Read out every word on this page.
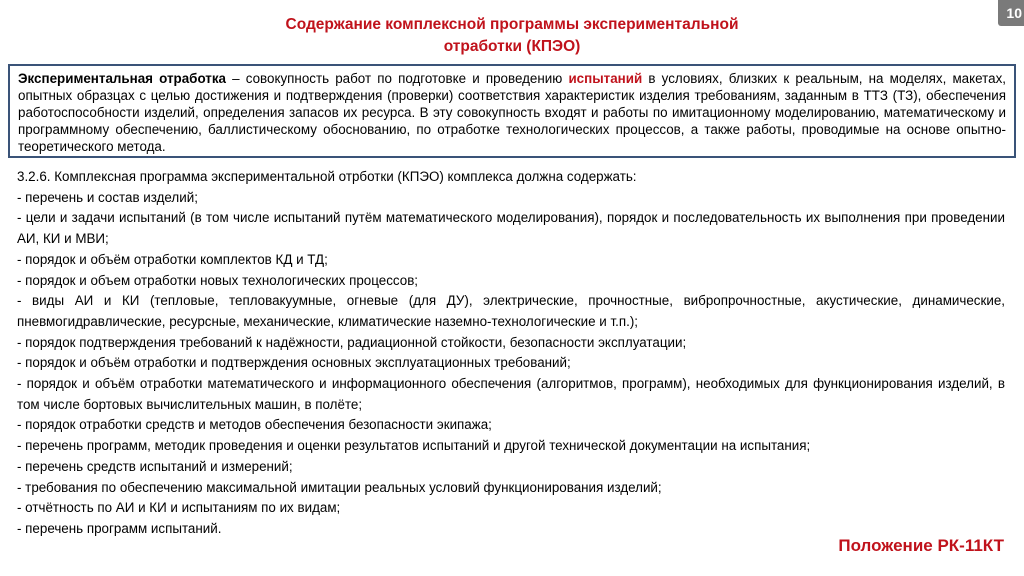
Содержание комплексной программы экспериментальной
отработки (КПЭО)
10
Экспериментальная отработка – совокупность работ по подготовке и проведению испытаний в условиях, близких к реальным, на моделях, макетах, опытных образцах с целью достижения и подтверждения (проверки) соответствия характеристик изделия требованиям, заданным в ТТЗ (ТЗ), обеспечения работоспособности изделий, определения запасов их ресурса. В эту совокупность входят и работы по имитационному моделированию, математическому и программному обеспечению, баллистическому обоснованию, по отработке технологических процессов, а также работы, проводимые на основе опытно-теоретического метода.
3.2.6. Комплексная программа экспериментальной отрботки (КПЭО) комплекса должна содержать:
- перечень и состав изделий;
- цели и задачи испытаний (в том числе испытаний путём математического моделирования), порядок и последовательность их выполнения при проведении АИ, КИ и МВИ;
- порядок и объём отработки комплектов КД и ТД;
- порядок и объем отработки новых технологических процессов;
- виды АИ и КИ (тепловые, тепловакуумные, огневые (для ДУ), электрические, прочностные, вибропрочностные, акустические, динамические, пневмогидравлические, ресурсные, механические, климатические наземно-технологические и т.п.);
- порядок подтверждения требований к надёжности, радиационной стойкости, безопасности эксплуатации;
- порядок и объём отработки и подтверждения основных эксплуатационных требований;
- порядок и объём отработки математического и информационного обеспечения (алгоритмов, программ), необходимых для функционирования изделий, в том числе бортовых вычислительных машин, в полёте;
- порядок отработки средств и методов обеспечения безопасности экипажа;
- перечень программ, методик проведения и оценки результатов испытаний и другой технической документации на испытания;
- перечень средств испытаний и измерений;
- требования по обеспечению максимальной имитации реальных условий функционирования изделий;
- отчётность по АИ и КИ и испытаниям по их видам;
- перечень программ испытаний.
Положение РК-11КТ
